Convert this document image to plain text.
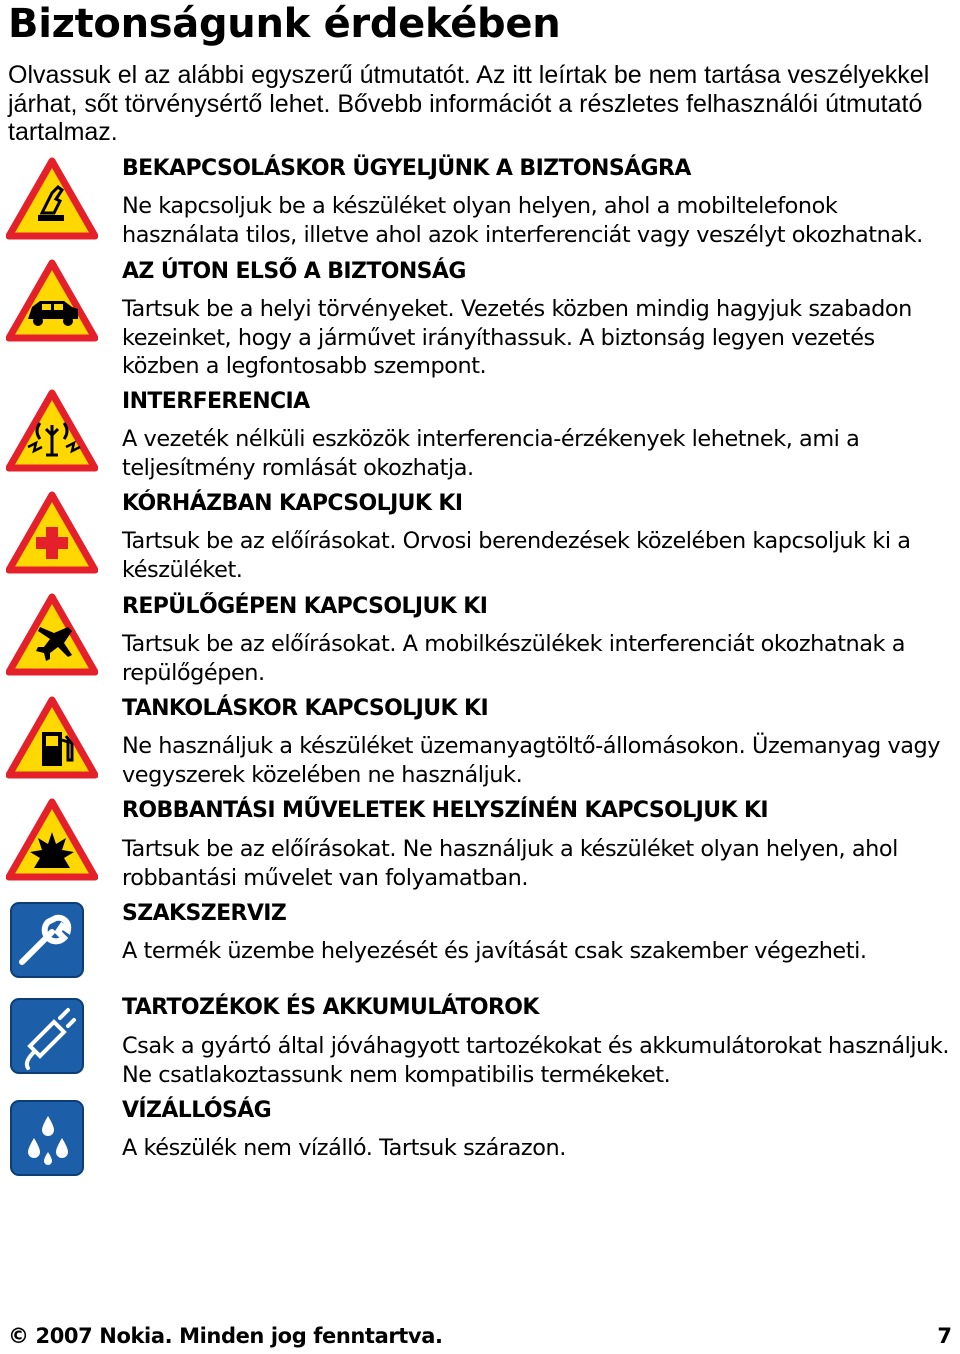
Biztonságunk érdekében
Olvassuk el az alábbi egyszerű útmutatót. Az itt leírtak be nem tartása veszélyekkel járhat, sőt törvénysértő lehet. Bővebb információt a részletes felhasználói útmutató tartalmaz.
BEKAPCSOLÁSKOR ÜGYELJÜNK A BIZTONSÁGRA
Ne kapcsoljuk be a készüléket olyan helyen, ahol a mobiltelefonok használata tilos, illetve ahol azok interferenciát vagy veszélyt okozhatnak.
AZ ÚTON ELSŐ A BIZTONSÁG
Tartsuk be a helyi törvényeket. Vezetés közben mindig hagyjuk szabadon kezeinket, hogy a járművet irányíthassuk. A biztonság legyen vezetés közben a legfontosabb szempont.
INTERFERENCIA
A vezeték nélküli eszközök interferencia-érzékenyek lehetnek, ami a teljesítmény romlását okozhatja.
KÓRHÁZBAN KAPCSOLJUK KI
Tartsuk be az előírásokat. Orvosi berendezések közelében kapcsoljuk ki a készüléket.
REPÜLŐGÉPEN KAPCSOLJUK KI
Tartsuk be az előírásokat. A mobilkészülékek interferenciát okozhatnak a repülőgépen.
TANKOLÁSKOR KAPCSOLJUK KI
Ne használjuk a készüléket üzemanyagtöltő-állomásokon. Üzemanyag vagy vegyszerek közelében ne használjuk.
ROBBANTÁSI MŰVELETEK HELYSZÍNÉN KAPCSOLJUK KI
Tartsuk be az előírásokat. Ne használjuk a készüléket olyan helyen, ahol robbantási művelet van folyamatban.
SZAKSZERVIZ
A termék üzembe helyezését és javítását csak szakember végezheti.
TARTOZÉKOK ÉS AKKUMULÁTOROK
Csak a gyártó által jóváhagyott tartozékokat és akkumulátorokat használjuk. Ne csatlakoztassunk nem kompatibilis termékeket.
VÍZÁLLÓSÁG
A készülék nem vízálló. Tartsuk szárazon.
© 2007 Nokia. Minden jog fenntartva.	7
